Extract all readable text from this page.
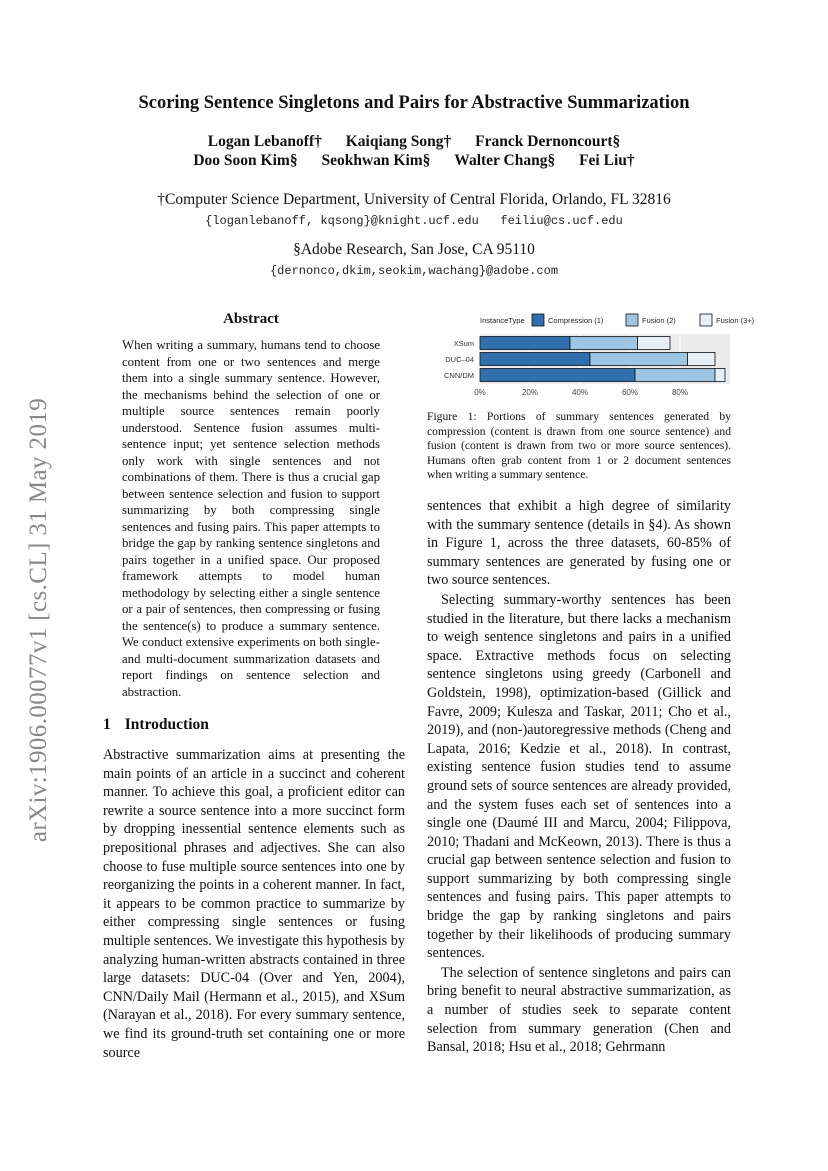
Scoring Sentence Singletons and Pairs for Abstractive Summarization
Logan Lebanoff† Kaiqiang Song† Franck Dernoncourt§
Doo Soon Kim§ Seokhwan Kim§ Walter Chang§ Fei Liu†
†Computer Science Department, University of Central Florida, Orlando, FL 32816
{loganlebanoff, kqsong}@knight.ucf.edu   feiliu@cs.ucf.edu
§Adobe Research, San Jose, CA 95110
{dernonco,dkim,seokim,wachang}@adobe.com
arXiv:1906.00077v1 [cs.CL] 31 May 2019
Abstract
When writing a summary, humans tend to choose content from one or two sentences and merge them into a single summary sentence. However, the mechanisms behind the selection of one or multiple source sentences remain poorly understood. Sentence fusion assumes multi-sentence input; yet sentence selection methods only work with single sentences and not combinations of them. There is thus a crucial gap between sentence selection and fusion to support summarizing by both compressing single sentences and fusing pairs. This paper attempts to bridge the gap by ranking sentence singletons and pairs together in a unified space. Our proposed framework attempts to model human methodology by selecting either a single sentence or a pair of sentences, then compressing or fusing the sentence(s) to produce a summary sentence. We conduct extensive experiments on both single- and multi-document summarization datasets and report findings on sentence selection and abstraction.
1 Introduction
Abstractive summarization aims at presenting the main points of an article in a succinct and coherent manner. To achieve this goal, a proficient editor can rewrite a source sentence into a more succinct form by dropping inessential sentence elements such as prepositional phrases and adjectives. She can also choose to fuse multiple source sentences into one by reorganizing the points in a coherent manner. In fact, it appears to be common practice to summarize by either compressing single sentences or fusing multiple sentences. We investigate this hypothesis by analyzing human-written abstracts contained in three large datasets: DUC-04 (Over and Yen, 2004), CNN/Daily Mail (Hermann et al., 2015), and XSum (Narayan et al., 2018). For every summary sentence, we find its ground-truth set containing one or more source
0%	20%	40%	60%	80%
XSum
DUC–04
CNN/DM
InstanceType	Compression (1)	Fusion (2)	Fusion (3+)
Figure 1: Portions of summary sentences generated by compression (content is drawn from one source sentence) and fusion (content is drawn from two or more source sentences). Humans often grab content from 1 or 2 document sentences when writing a summary sentence.

sentences that exhibit a high degree of similarity with the summary sentence (details in §4). As shown in Figure 1, across the three datasets, 60-85% of summary sentences are generated by fusing one or two source sentences.

Selecting summary-worthy sentences has been studied in the literature, but there lacks a mechanism to weigh sentence singletons and pairs in a unified space. Extractive methods focus on selecting sentence singletons using greedy (Carbonell and Goldstein, 1998), optimization-based (Gillick and Favre, 2009; Kulesza and Taskar, 2011; Cho et al., 2019), and (non-)autoregressive methods (Cheng and Lapata, 2016; Kedzie et al., 2018). In contrast, existing sentence fusion studies tend to assume ground sets of source sentences are already provided, and the system fuses each set of sentences into a single one (Daumé III and Marcu, 2004; Filippova, 2010; Thadani and McKeown, 2013). There is thus a crucial gap between sentence selection and fusion to support summarizing by both compressing single sentences and fusing pairs. This paper attempts to bridge the gap by ranking singletons and pairs together by their likelihoods of producing summary sentences.

The selection of sentence singletons and pairs can bring benefit to neural abstractive summarization, as a number of studies seek to separate content selection from summary generation (Chen and Bansal, 2018; Hsu et al., 2018; Gehrmann
